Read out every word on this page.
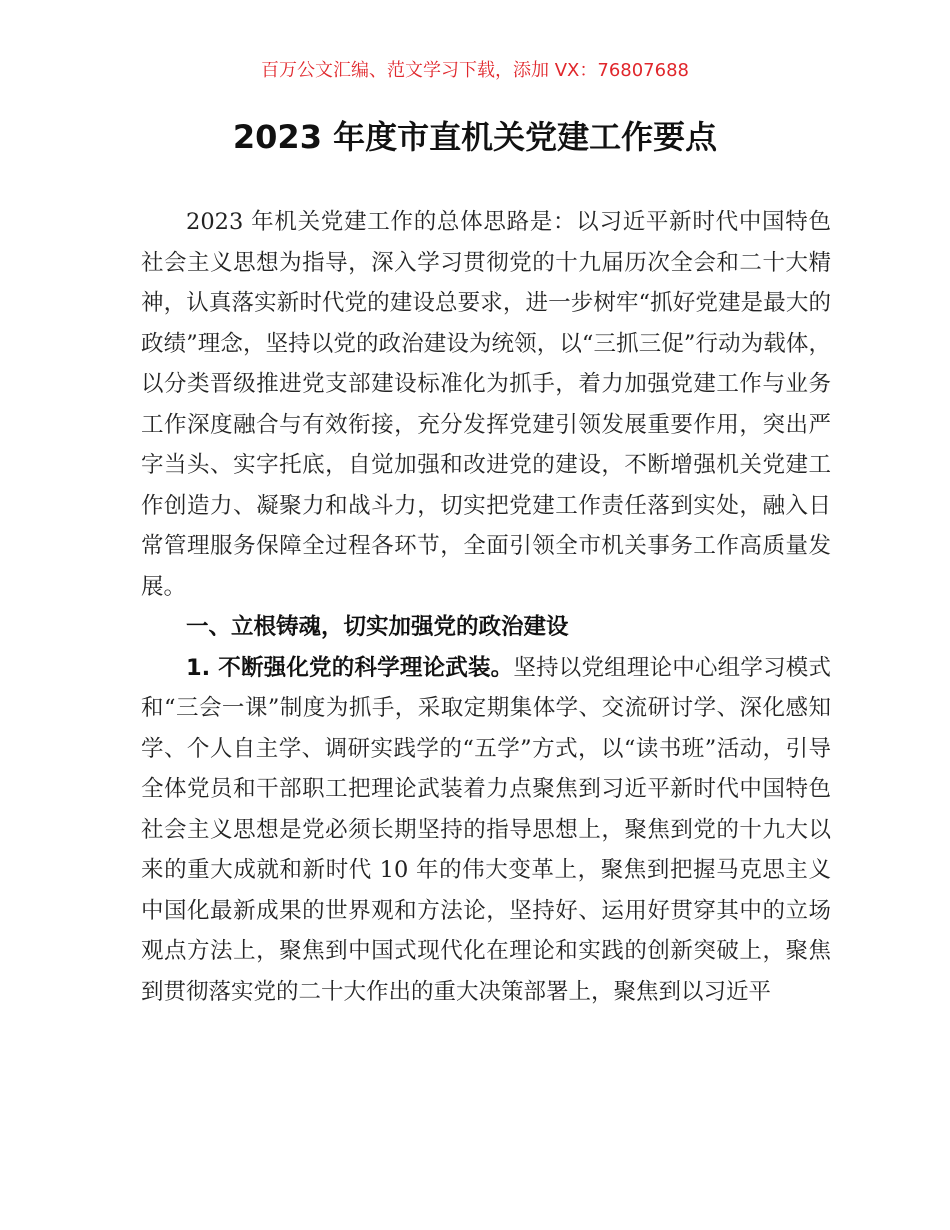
百万公文汇编、范文学习下载，添加 VX：76807688
2023 年度市直机关党建工作要点

2023 年机关党建工作的总体思路是：以习近平新时代中国特色社会主义思想为指导，深入学习贯彻党的十九届历次全会和二十大精神，认真落实新时代党的建设总要求，进一步树牢“抓好党建是最大的政绩”理念，坚持以党的政治建设为统领，以“三抓三促”行动为载体，以分类晋级推进党支部建设标准化为抓手，着力加强党建工作与业务工作深度融合与有效衔接，充分发挥党建引领发展重要作用，突出严字当头、实字托底，自觉加强和改进党的建设，不断增强机关党建工作创造力、凝聚力和战斗力，切实把党建工作责任落到实处，融入日常管理服务保障全过程各环节，全面引领全市机关事务工作高质量发展。

一、立根铸魂，切实加强党的政治建设

1. 不断强化党的科学理论武装。坚持以党组理论中心组学习模式和“三会一课”制度为抓手，采取定期集体学、交流研讨学、深化感知学、个人自主学、调研实践学的“五学”方式，以“读书班”活动，引导全体党员和干部职工把理论武装着力点聚焦到习近平新时代中国特色社会主义思想是党必须长期坚持的指导思想上，聚焦到党的十九大以来的重大成就和新时代 10 年的伟大变革上，聚焦到把握马克思主义中国化最新成果的世界观和方法论，坚持好、运用好贯穿其中的立场观点方法上，聚焦到中国式现代化在理论和实践的创新突破上，聚焦到贯彻落实党的二十大作出的重大决策部署上，聚焦到以习近平
